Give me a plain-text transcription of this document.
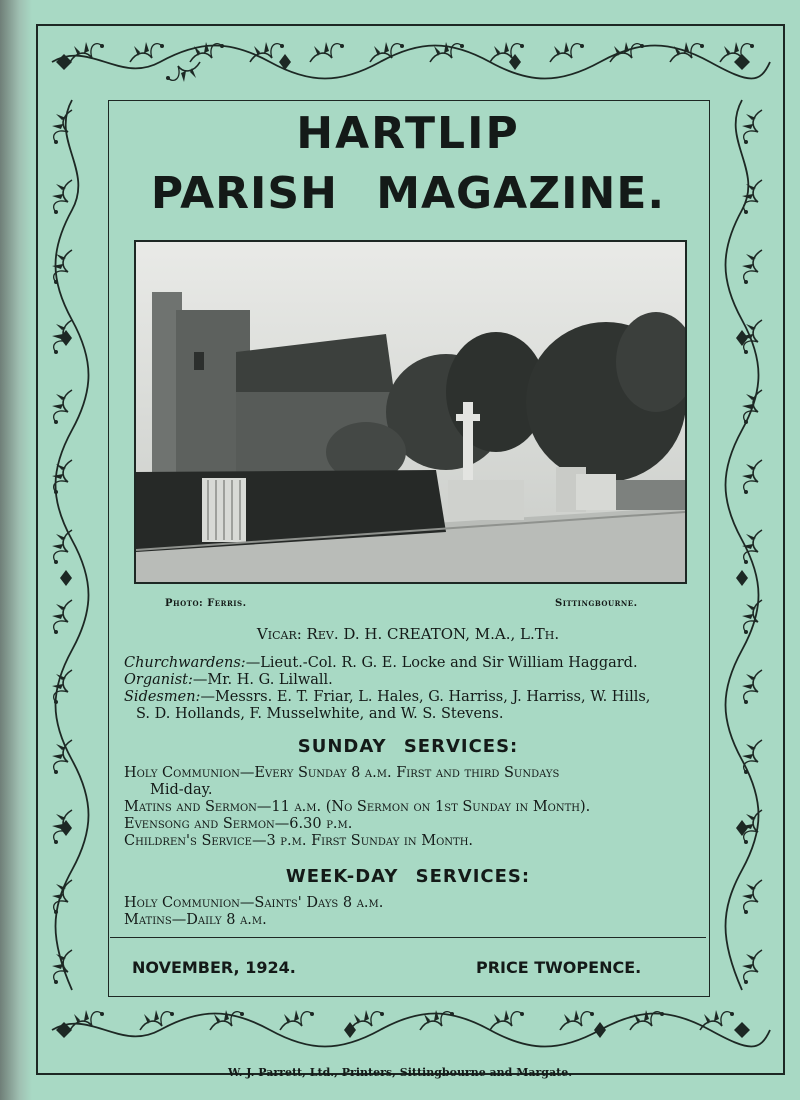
HARTLIP
PARISH MAGAZINE.
Photo: Ferris.	Sittingbourne.

Vicar: Rev. D. H. CREATON, M.A., L.Th.

Churchwardens:—Lieut.-Col. R. G. E. Locke and Sir William Haggard.

Organist:—Mr. H. G. Lilwall.

Sidesmen:—Messrs. E. T. Friar, L. Hales, G. Harriss, J. Harriss, W. Hills,

S. D. Hollands, F. Musselwhite, and W. S. Stevens.

SUNDAY SERVICES:

Holy Communion—Every Sunday 8 a.m. First and third Sundays

Mid-day.

Matins and Sermon—11 a.m. (No Sermon on 1st Sunday in Month).

Evensong and Sermon—6.30 p.m.

Children's Service—3 p.m. First Sunday in Month.

WEEK-DAY SERVICES:

Holy Communion—Saints' Days 8 a.m.

Matins—Daily 8 a.m.

NOVEMBER, 1924.	PRICE TWOPENCE.
W. J. Parrett, Ltd., Printers, Sittingbourne and Margate.
